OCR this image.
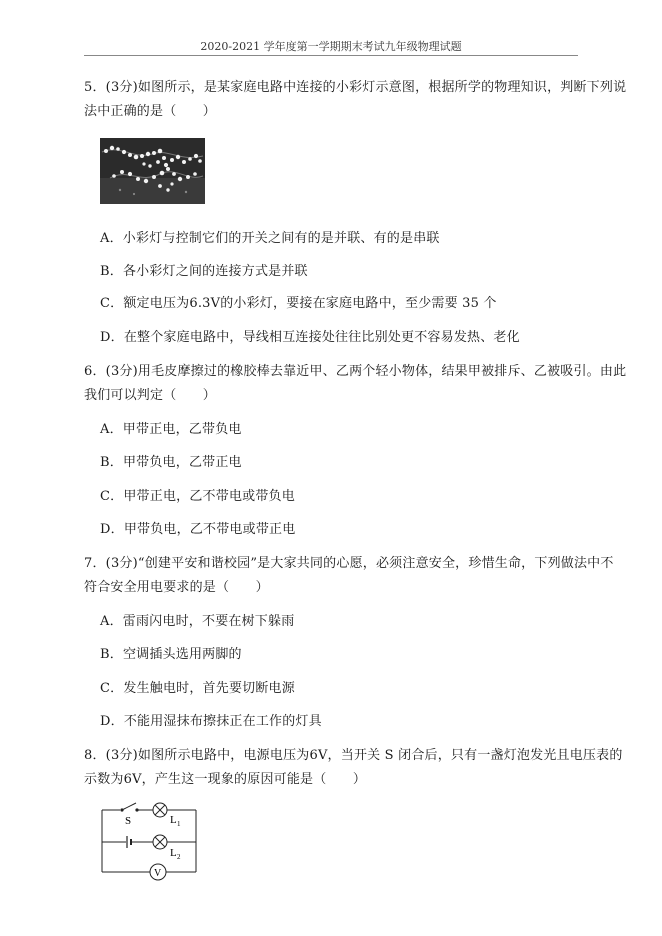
2020-2021 学年度第一学期期末考试九年级物理试题
5．(3分)如图所示，是某家庭电路中连接的小彩灯示意图，根据所学的物理知识，判断下列说
法中正确的是（　　）
A．小彩灯与控制它们的开关之间有的是并联、有的是串联
B．各小彩灯之间的连接方式是并联
C．额定电压为6.3V的小彩灯，要接在家庭电路中，至少需要 35 个
D．在整个家庭电路中，导线相互连接处往往比别处更不容易发热、老化
6．(3分)用毛皮摩擦过的橡胶棒去靠近甲、乙两个轻小物体，结果甲被排斥、乙被吸引。由此
我们可以判定（　　）
A．甲带正电，乙带负电
B．甲带负电，乙带正电
C．甲带正电，乙不带电或带负电
D．甲带负电，乙不带电或带正电
7．(3分)“创建平安和谐校园”是大家共同的心愿，必须注意安全，珍惜生命，下列做法中不
符合安全用电要求的是（　　）
A．雷雨闪电时，不要在树下躲雨
B．空调插头选用两脚的
C．发生触电时，首先要切断电源
D．不能用湿抹布擦抹正在工作的灯具
8．(3分)如图所示电路中，电源电压为6V，当开关 S 闭合后，只有一盏灯泡发光且电压表的
示数为6V，产生这一现象的原因可能是（　　）
S	L 1
L 2
V
